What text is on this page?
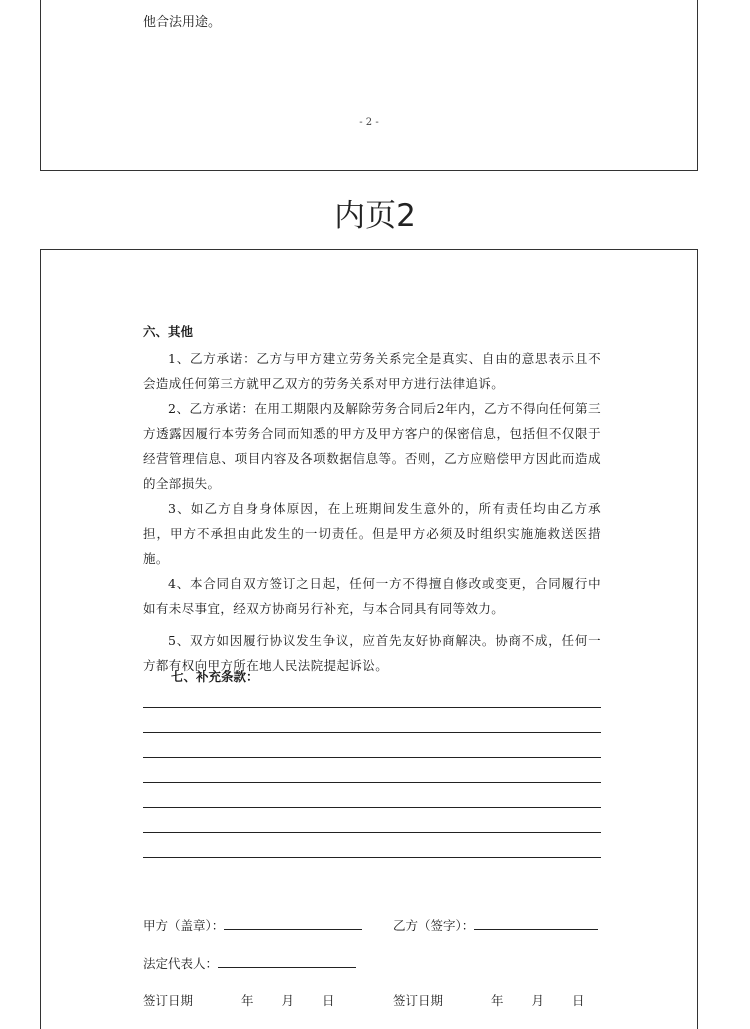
他合法用途。
- 2 -
内页2

六、其他

1、乙方承诺：乙方与甲方建立劳务关系完全是真实、自由的意思表示且不会造成任何第三方就甲乙双方的劳务关系对甲方进行法律追诉。

2、乙方承诺：在用工期限内及解除劳务合同后2年内，乙方不得向任何第三方透露因履行本劳务合同而知悉的甲方及甲方客户的保密信息，包括但不仅限于经营管理信息、项目内容及各项数据信息等。否则，乙方应赔偿甲方因此而造成的全部损失。

3、如乙方自身身体原因，在上班期间发生意外的，所有责任均由乙方承担，甲方不承担由此发生的一切责任。但是甲方必须及时组织实施施救送医措施。

4、本合同自双方签订之日起，任何一方不得擅自修改或变更，合同履行中如有未尽事宜，经双方协商另行补充，与本合同具有同等效力。

5、双方如因履行协议发生争议，应首先友好协商解决。协商不成，任何一方都有权向甲方所在地人民法院提起诉讼。

七、补充条款：
甲方（盖章）：	乙方（签字）：
法定代表人：
签订日期	年 月 日	签订日期	年 月 日
